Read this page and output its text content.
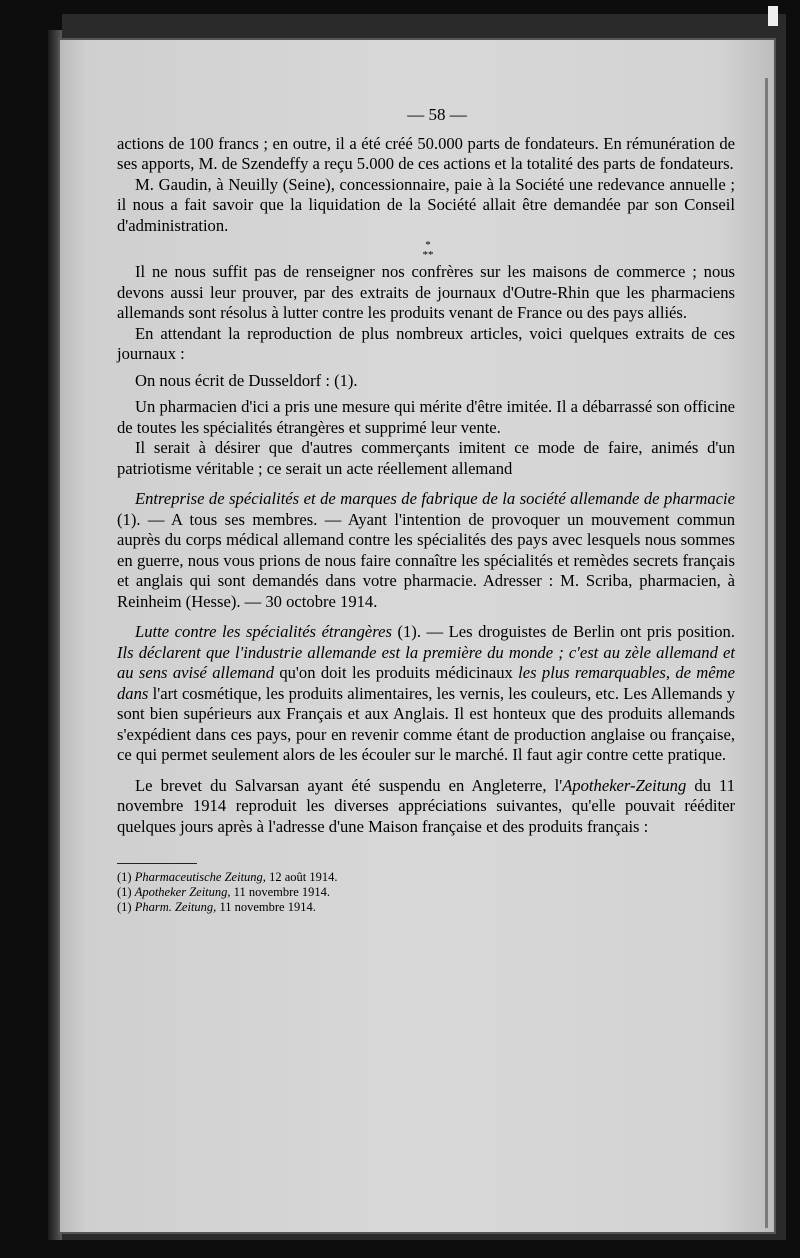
— 58 —

actions de 100 francs ; en outre, il a été créé 50.000 parts de fondateurs. En rémunération de ses apports, M. de Szendeffy a reçu 5.000 de ces actions et la totalité des parts de fondateurs.

M. Gaudin, à Neuilly (Seine), concessionnaire, paie à la Société une redevance annuelle ; il nous a fait savoir que la liquidation de la Société allait être demandée par son Conseil d'administration.

*
**

Il ne nous suffit pas de renseigner nos confrères sur les maisons de commerce ; nous devons aussi leur prouver, par des extraits de journaux d'Outre-Rhin que les pharmaciens allemands sont résolus à lutter contre les produits venant de France ou des pays alliés.

En attendant la reproduction de plus nombreux articles, voici quelques extraits de ces journaux :

On nous écrit de Dusseldorf : (1).

Un pharmacien d'ici a pris une mesure qui mérite d'être imitée. Il a débarrassé son officine de toutes les spécialités étrangères et supprimé leur vente.

Il serait à désirer que d'autres commerçants imitent ce mode de faire, animés d'un patriotisme véritable ; ce serait un acte réellement allemand

Entreprise de spécialités et de marques de fabrique de la société allemande de pharmacie (1). — A tous ses membres. — Ayant l'intention de provoquer un mouvement commun auprès du corps médical allemand contre les spécialités des pays avec lesquels nous sommes en guerre, nous vous prions de nous faire connaître les spécialités et remèdes secrets français et anglais qui sont demandés dans votre pharmacie. Adresser : M. Scriba, pharmacien, à Reinheim (Hesse). — 30 octobre 1914.

Lutte contre les spécialités étrangères (1). — Les droguistes de Berlin ont pris position. Ils déclarent que l'industrie allemande est la première du monde ; c'est au zèle allemand et au sens avisé allemand qu'on doit les produits médicinaux les plus remarquables, de même dans l'art cosmétique, les produits alimentaires, les vernis, les couleurs, etc. Les Allemands y sont bien supérieurs aux Français et aux Anglais. Il est honteux que des produits allemands s'expédient dans ces pays, pour en revenir comme étant de production anglaise ou française, ce qui permet seulement alors de les écouler sur le marché. Il faut agir contre cette pratique.

Le brevet du Salvarsan ayant été suspendu en Angleterre, l'Apotheker-Zeitung du 11 novembre 1914 reproduit les diverses appréciations suivantes, qu'elle pouvait rééditer quelques jours après à l'adresse d'une Maison française et des produits français :

(1) Pharmaceutische Zeitung, 12 août 1914.
(1) Apotheker Zeitung, 11 novembre 1914.
(1) Pharm. Zeitung, 11 novembre 1914.
